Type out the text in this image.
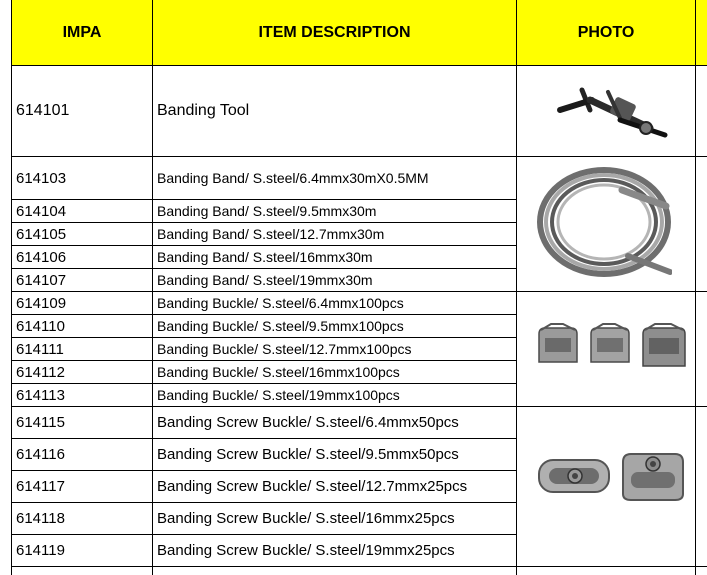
IMPA	ITEM DESCRIPTION	PHOTO
614101	Banding Tool
614103	Banding Band/ S.steel/6.4mmx30mX0.5MM
614104	Banding Band/ S.steel/9.5mmx30m
614105	Banding Band/ S.steel/12.7mmx30m
614106	Banding Band/ S.steel/16mmx30m
614107	Banding Band/ S.steel/19mmx30m
614109	Banding Buckle/ S.steel/6.4mmx100pcs
614110	Banding Buckle/ S.steel/9.5mmx100pcs
614111	Banding Buckle/ S.steel/12.7mmx100pcs
614112	Banding Buckle/ S.steel/16mmx100pcs
614113	Banding Buckle/ S.steel/19mmx100pcs
614115	Banding Screw Buckle/ S.steel/6.4mmx50pcs
614116	Banding Screw Buckle/ S.steel/9.5mmx50pcs
614117	Banding Screw Buckle/ S.steel/12.7mmx25pcs
614118	Banding Screw Buckle/ S.steel/16mmx25pcs
614119	Banding Screw Buckle/ S.steel/19mmx25pcs
